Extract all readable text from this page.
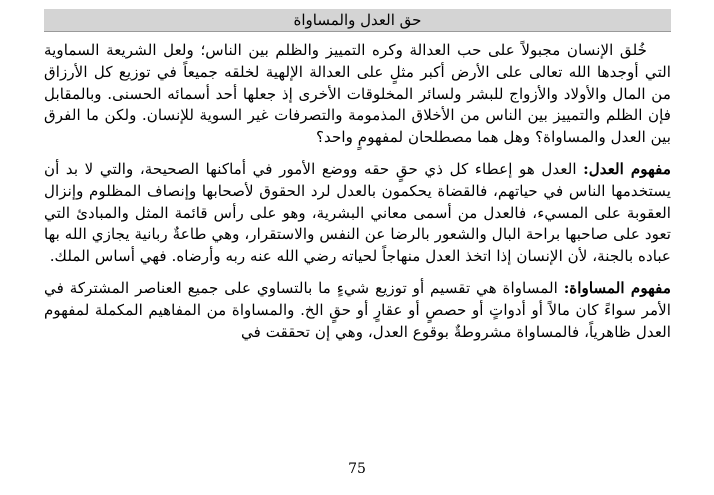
حق العدل والمساواة

خُلق الإنسان مجبولاً على حب العدالة وكره التمييز والظلم بين الناس؛ ولعل الشريعة السماوية التي أوجدها الله تعالى على الأرض أكبر مثلٍ على العدالة الإلهية لخلقه جميعاً في توزيع كل الأرزاق من المال والأولاد والأزواج للبشر ولسائر المخلوقات الأخرى إذ جعلها أحد أسمائه الحسنى. وبالمقابل فإن الظلم والتمييز بين الناس من الأخلاق المذمومة والتصرفات غير السوية للإنسان. ولكن ما الفرق بين العدل والمساواة؟ وهل هما مصطلحان لمفهومٍ واحد؟

مفهوم العدل: العدل هو إعطاء كل ذي حقٍ حقه ووضع الأمور في أماكنها الصحيحة، والتي لا بد أن يستخدمها الناس في حياتهم، فالقضاة يحكمون بالعدل لرد الحقوق لأصحابها وإنصاف المظلوم وإنزال العقوبة على المسيء، فالعدل من أسمى معاني البشرية، وهو على رأس قائمة المثل والمبادئ التي تعود على صاحبها براحة البال والشعور بالرضا عن النفس والاستقرار، وهي طاعةٌ ربانية يجازي الله بها عباده بالجنة، لأن الإنسان إذا اتخذ العدل منهاجاً لحياته رضي الله عنه ربه وأرضاه. فهي أساس الملك.

مفهوم المساواة: المساواة هي تقسيم أو توزيع شيءٍ ما بالتساوي على جميع العناصر المشتركة في الأمر سواءً كان مالاً أو أدواتٍ أو حصصٍ أو عقارٍ أو حقٍ الخ. والمساواة من المفاهيم المكملة لمفهوم العدل ظاهرياً، فالمساواة مشروطةٌ بوقوع العدل، وهي إن تحققت في

75
